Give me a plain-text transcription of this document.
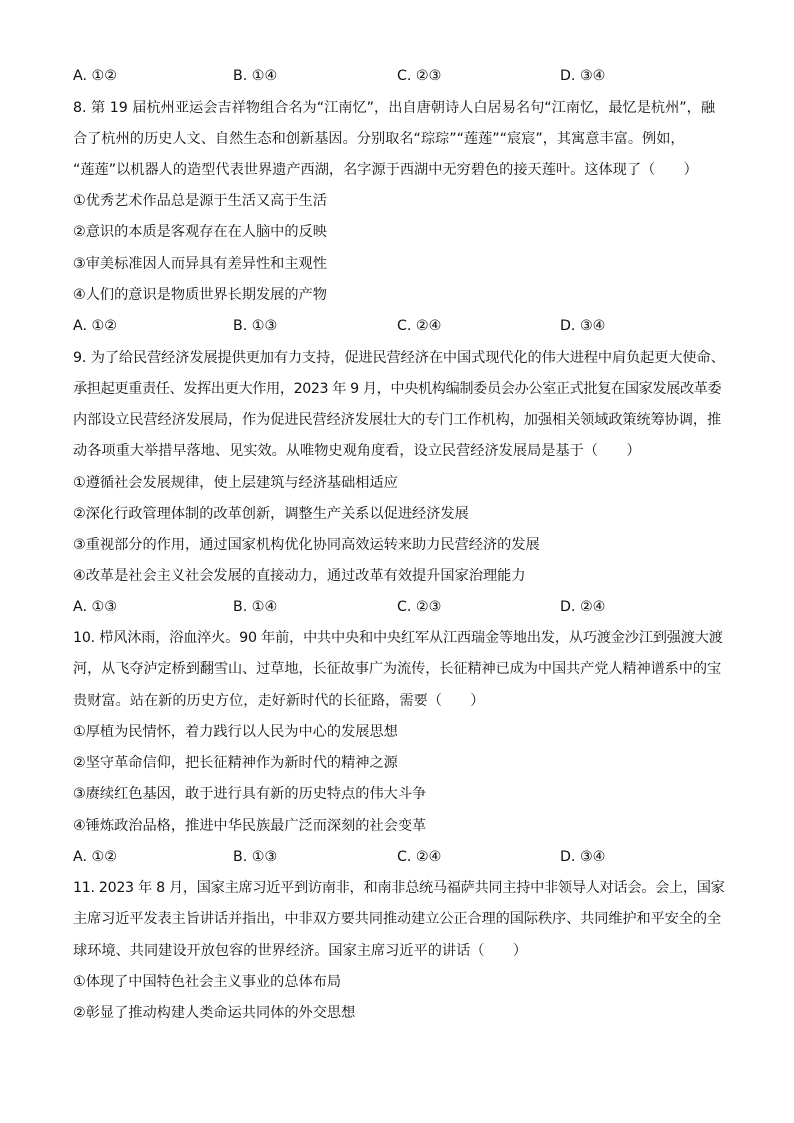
A. ①②	B. ①④	C. ②③	D. ③④
8. 第 19 届杭州亚运会吉祥物组合名为“江南忆”，出自唐朝诗人白居易名句“江南忆，最忆是杭州”，融
合了杭州的历史人文、自然生态和创新基因。分别取名“琮琮”“莲莲”“宸宸”，其寓意丰富。例如，
“莲莲”以机器人的造型代表世界遗产西湖，名字源于西湖中无穷碧色的接天莲叶。这体现了（　　）
①优秀艺术作品总是源于生活又高于生活
②意识的本质是客观存在在人脑中的反映
③审美标准因人而异具有差异性和主观性
④人们的意识是物质世界长期发展的产物
A. ①②	B. ①③	C. ②④	D. ③④
9. 为了给民营经济发展提供更加有力支持，促进民营经济在中国式现代化的伟大进程中肩负起更大使命、
承担起更重责任、发挥出更大作用，2023 年 9 月，中央机构编制委员会办公室正式批复在国家发展改革委
内部设立民营经济发展局，作为促进民营经济发展壮大的专门工作机构，加强相关领域政策统筹协调，推
动各项重大举措早落地、见实效。从唯物史观角度看，设立民营经济发展局是基于（　　）
①遵循社会发展规律，使上层建筑与经济基础相适应
②深化行政管理体制的改革创新，调整生产关系以促进经济发展
③重视部分的作用，通过国家机构优化协同高效运转来助力民营经济的发展
④改革是社会主义社会发展的直接动力，通过改革有效提升国家治理能力
A. ①③	B. ①④	C. ②③	D. ②④
10. 栉风沐雨，浴血淬火。90 年前，中共中央和中央红军从江西瑞金等地出发，从巧渡金沙江到强渡大渡
河，从飞夺泸定桥到翻雪山、过草地，长征故事广为流传，长征精神已成为中国共产党人精神谱系中的宝
贵财富。站在新的历史方位，走好新时代的长征路，需要（　　）
①厚植为民情怀，着力践行以人民为中心的发展思想
②坚守革命信仰，把长征精神作为新时代的精神之源
③赓续红色基因，敢于进行具有新的历史特点的伟大斗争
④锤炼政治品格，推进中华民族最广泛而深刻的社会变革
A. ①②	B. ①③	C. ②④	D. ③④
11. 2023 年 8 月，国家主席习近平到访南非，和南非总统马福萨共同主持中非领导人对话会。会上，国家
主席习近平发表主旨讲话并指出，中非双方要共同推动建立公正合理的国际秩序、共同维护和平安全的全
球环境、共同建设开放包容的世界经济。国家主席习近平的讲话（　　）
①体现了中国特色社会主义事业的总体布局
②彰显了推动构建人类命运共同体的外交思想
